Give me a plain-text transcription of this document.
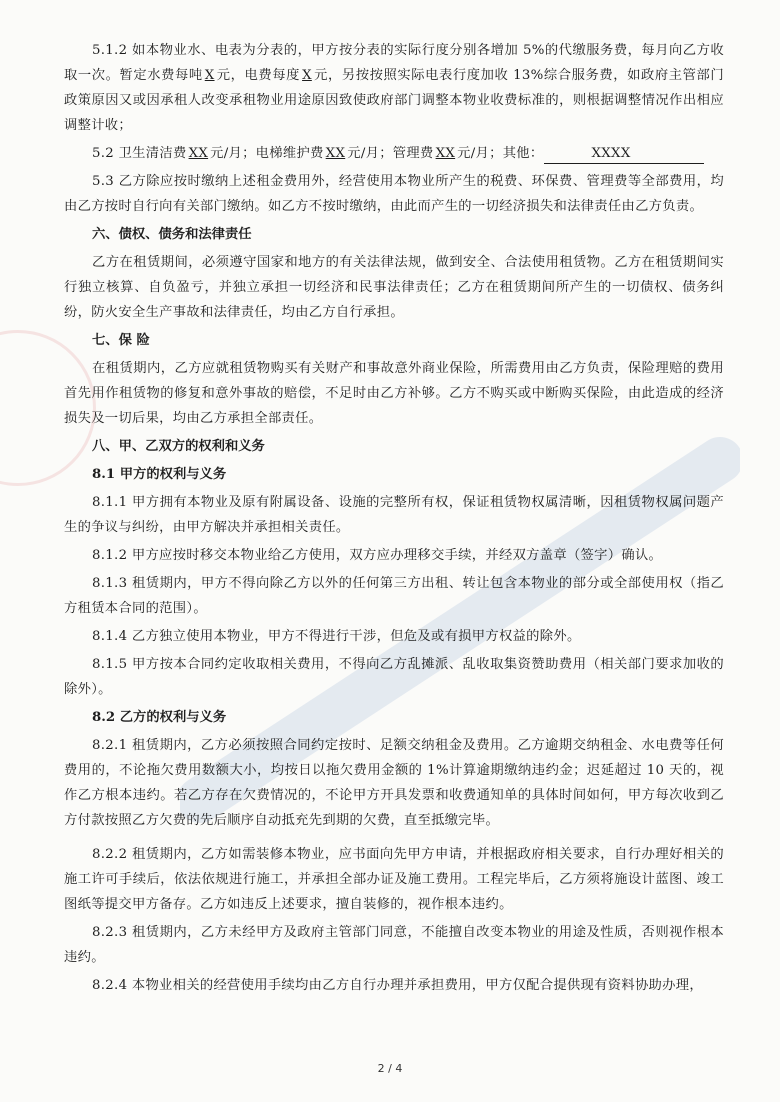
5.1.2 如本物业水、电表为分表的，甲方按分表的实际行度分别各增加 5%的代缴服务费，每月向乙方收取一次。暂定水费每吨 X 元，电费每度 X 元，另按按照实际电表行度加收 13%综合服务费，如政府主管部门政策原因又或因承租人改变承租物业用途原因致使政府部门调整本物业收费标准的，则根据调整情况作出相应调整计收；

5.2 卫生清洁费 XX 元/月；电梯维护费 XX 元/月；管理费 XX 元/月；其他：	XXXX

5.3 乙方除应按时缴纳上述租金费用外，经营使用本物业所产生的税费、环保费、管理费等全部费用，均由乙方按时自行向有关部门缴纳。如乙方不按时缴纳，由此而产生的一切经济损失和法律责任由乙方负责。

六、债权、债务和法律责任

乙方在租赁期间，必须遵守国家和地方的有关法律法规，做到安全、合法使用租赁物。乙方在租赁期间实行独立核算、自负盈亏，并独立承担一切经济和民事法律责任；乙方在租赁期间所产生的一切债权、债务纠纷，防火安全生产事故和法律责任，均由乙方自行承担。

七、保 险

在租赁期内，乙方应就租赁物购买有关财产和事故意外商业保险，所需费用由乙方负责，保险理赔的费用首先用作租赁物的修复和意外事故的赔偿，不足时由乙方补够。乙方不购买或中断购买保险，由此造成的经济损失及一切后果，均由乙方承担全部责任。

八、甲、乙双方的权利和义务

8.1 甲方的权利与义务

8.1.1 甲方拥有本物业及原有附属设备、设施的完整所有权，保证租赁物权属清晰，因租赁物权属问题产生的争议与纠纷，由甲方解决并承担相关责任。

8.1.2 甲方应按时移交本物业给乙方使用，双方应办理移交手续，并经双方盖章（签字）确认。

8.1.3 租赁期内，甲方不得向除乙方以外的任何第三方出租、转让包含本物业的部分或全部使用权（指乙方租赁本合同的范围）。

8.1.4 乙方独立使用本物业，甲方不得进行干涉，但危及或有损甲方权益的除外。

8.1.5 甲方按本合同约定收取相关费用，不得向乙方乱摊派、乱收取集资赞助费用（相关部门要求加收的除外）。

8.2 乙方的权利与义务

8.2.1 租赁期内，乙方必须按照合同约定按时、足额交纳租金及费用。乙方逾期交纳租金、水电费等任何费用的，不论拖欠费用数额大小，均按日以拖欠费用金额的 1%计算逾期缴纳违约金；迟延超过 10 天的，视作乙方根本违约。若乙方存在欠费情况的，不论甲方开具发票和收费通知单的具体时间如何，甲方每次收到乙方付款按照乙方欠费的先后顺序自动抵充先到期的欠费，直至抵缴完毕。

8.2.2 租赁期内，乙方如需装修本物业，应书面向先甲方申请，并根据政府相关要求，自行办理好相关的施工许可手续后，依法依规进行施工，并承担全部办证及施工费用。工程完毕后，乙方须将施设计蓝图、竣工图纸等提交甲方备存。乙方如违反上述要求，擅自装修的，视作根本违约。

8.2.3 租赁期内，乙方未经甲方及政府主管部门同意，不能擅自改变本物业的用途及性质，否则视作根本违约。

8.2.4 本物业相关的经营使用手续均由乙方自行办理并承担费用，甲方仅配合提供现有资料协助办理，

2 / 4
